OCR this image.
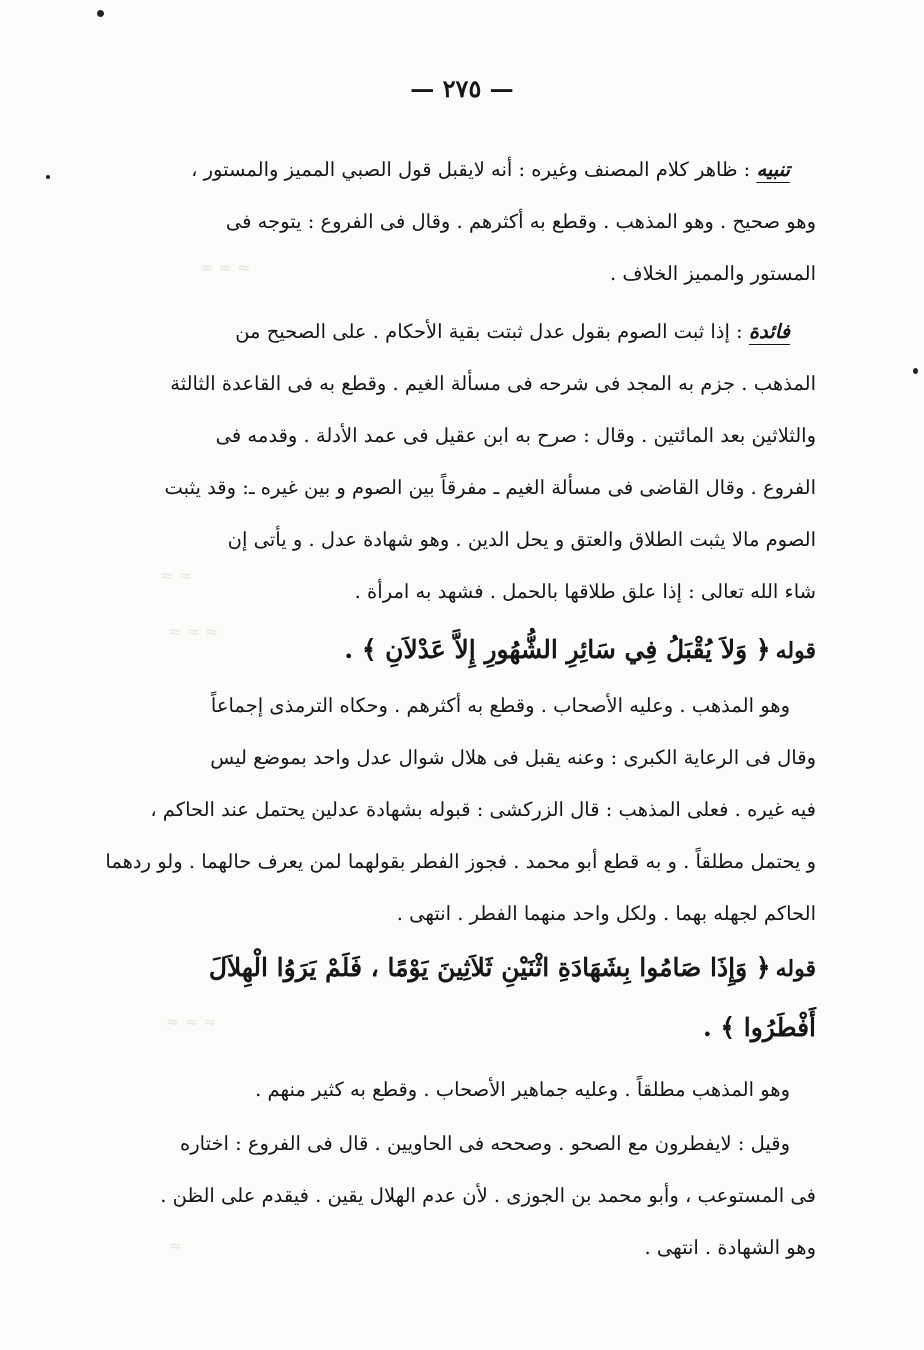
— ٢٧٥ —
تنبيه : ظاهر كلام المصنف وغيره : أنه لايقبل قول الصبي المميز والمستور ،
وهو صحيح . وهو المذهب . وقطع به أكثرهم . وقال فى الفروع : يتوجه فى
المستور والمميز الخلاف .
فائدة : إذا ثبت الصوم بقول عدل ثبتت بقية الأحكام . على الصحيح من
المذهب . جزم به المجد فى شرحه فى مسألة الغيم . وقطع به فى القاعدة الثالثة
والثلاثين بعد المائتين . وقال : صرح به ابن عقيل فى عمد الأدلة . وقدمه فى
الفروع . وقال القاضى فى مسألة الغيم ـ مفرقاً بين الصوم و بين غيره ـ: وقد يثبت
الصوم مالا يثبت الطلاق والعتق و يحل الدين . وهو شهادة عدل . و يأتى إن
شاء الله تعالى : إذا علق طلاقها بالحمل . فشهد به امرأة .
قوله ﴿ وَلاَ يُقْبَلُ فِي سَائِرِ الشُّهُورِ إِلاَّ عَدْلاَنِ ﴾ .
وهو المذهب . وعليه الأصحاب . وقطع به أكثرهم . وحكاه الترمذى إجماعاً
وقال فى الرعاية الكبرى : وعنه يقبل فى هلال شوال عدل واحد بموضع ليس
فيه غيره . فعلى المذهب : قال الزركشى : قبوله بشهادة عدلين يحتمل عند الحاكم ،
و يحتمل مطلقاً . و به قطع أبو محمد . فجوز الفطر بقولهما لمن يعرف حالهما . ولو ردهما
الحاكم لجهله بهما . ولكل واحد منهما الفطر . انتهى .
قوله ﴿ وَإِذَا صَامُوا بِشَهَادَةِ اثْنَيْنِ ثَلاَثِينَ يَوْمًا ، فَلَمْ يَرَوُا الْهِلاَلَ
أَفْطَرُوا ﴾ .
وهو المذهب مطلقاً . وعليه جماهير الأصحاب . وقطع به كثير منهم .
وقيل : لايفطرون مع الصحو . وصححه فى الحاويين . قال فى الفروع : اختاره
فى المستوعب ، وأبو محمد بن الجوزى . لأن عدم الهلال يقين . فيقدم على الظن .
وهو الشهادة . انتهى .
≈ ≈ ≈
≈ ≈
≈ ≈ ≈
≈ ≈ ≈
≈
